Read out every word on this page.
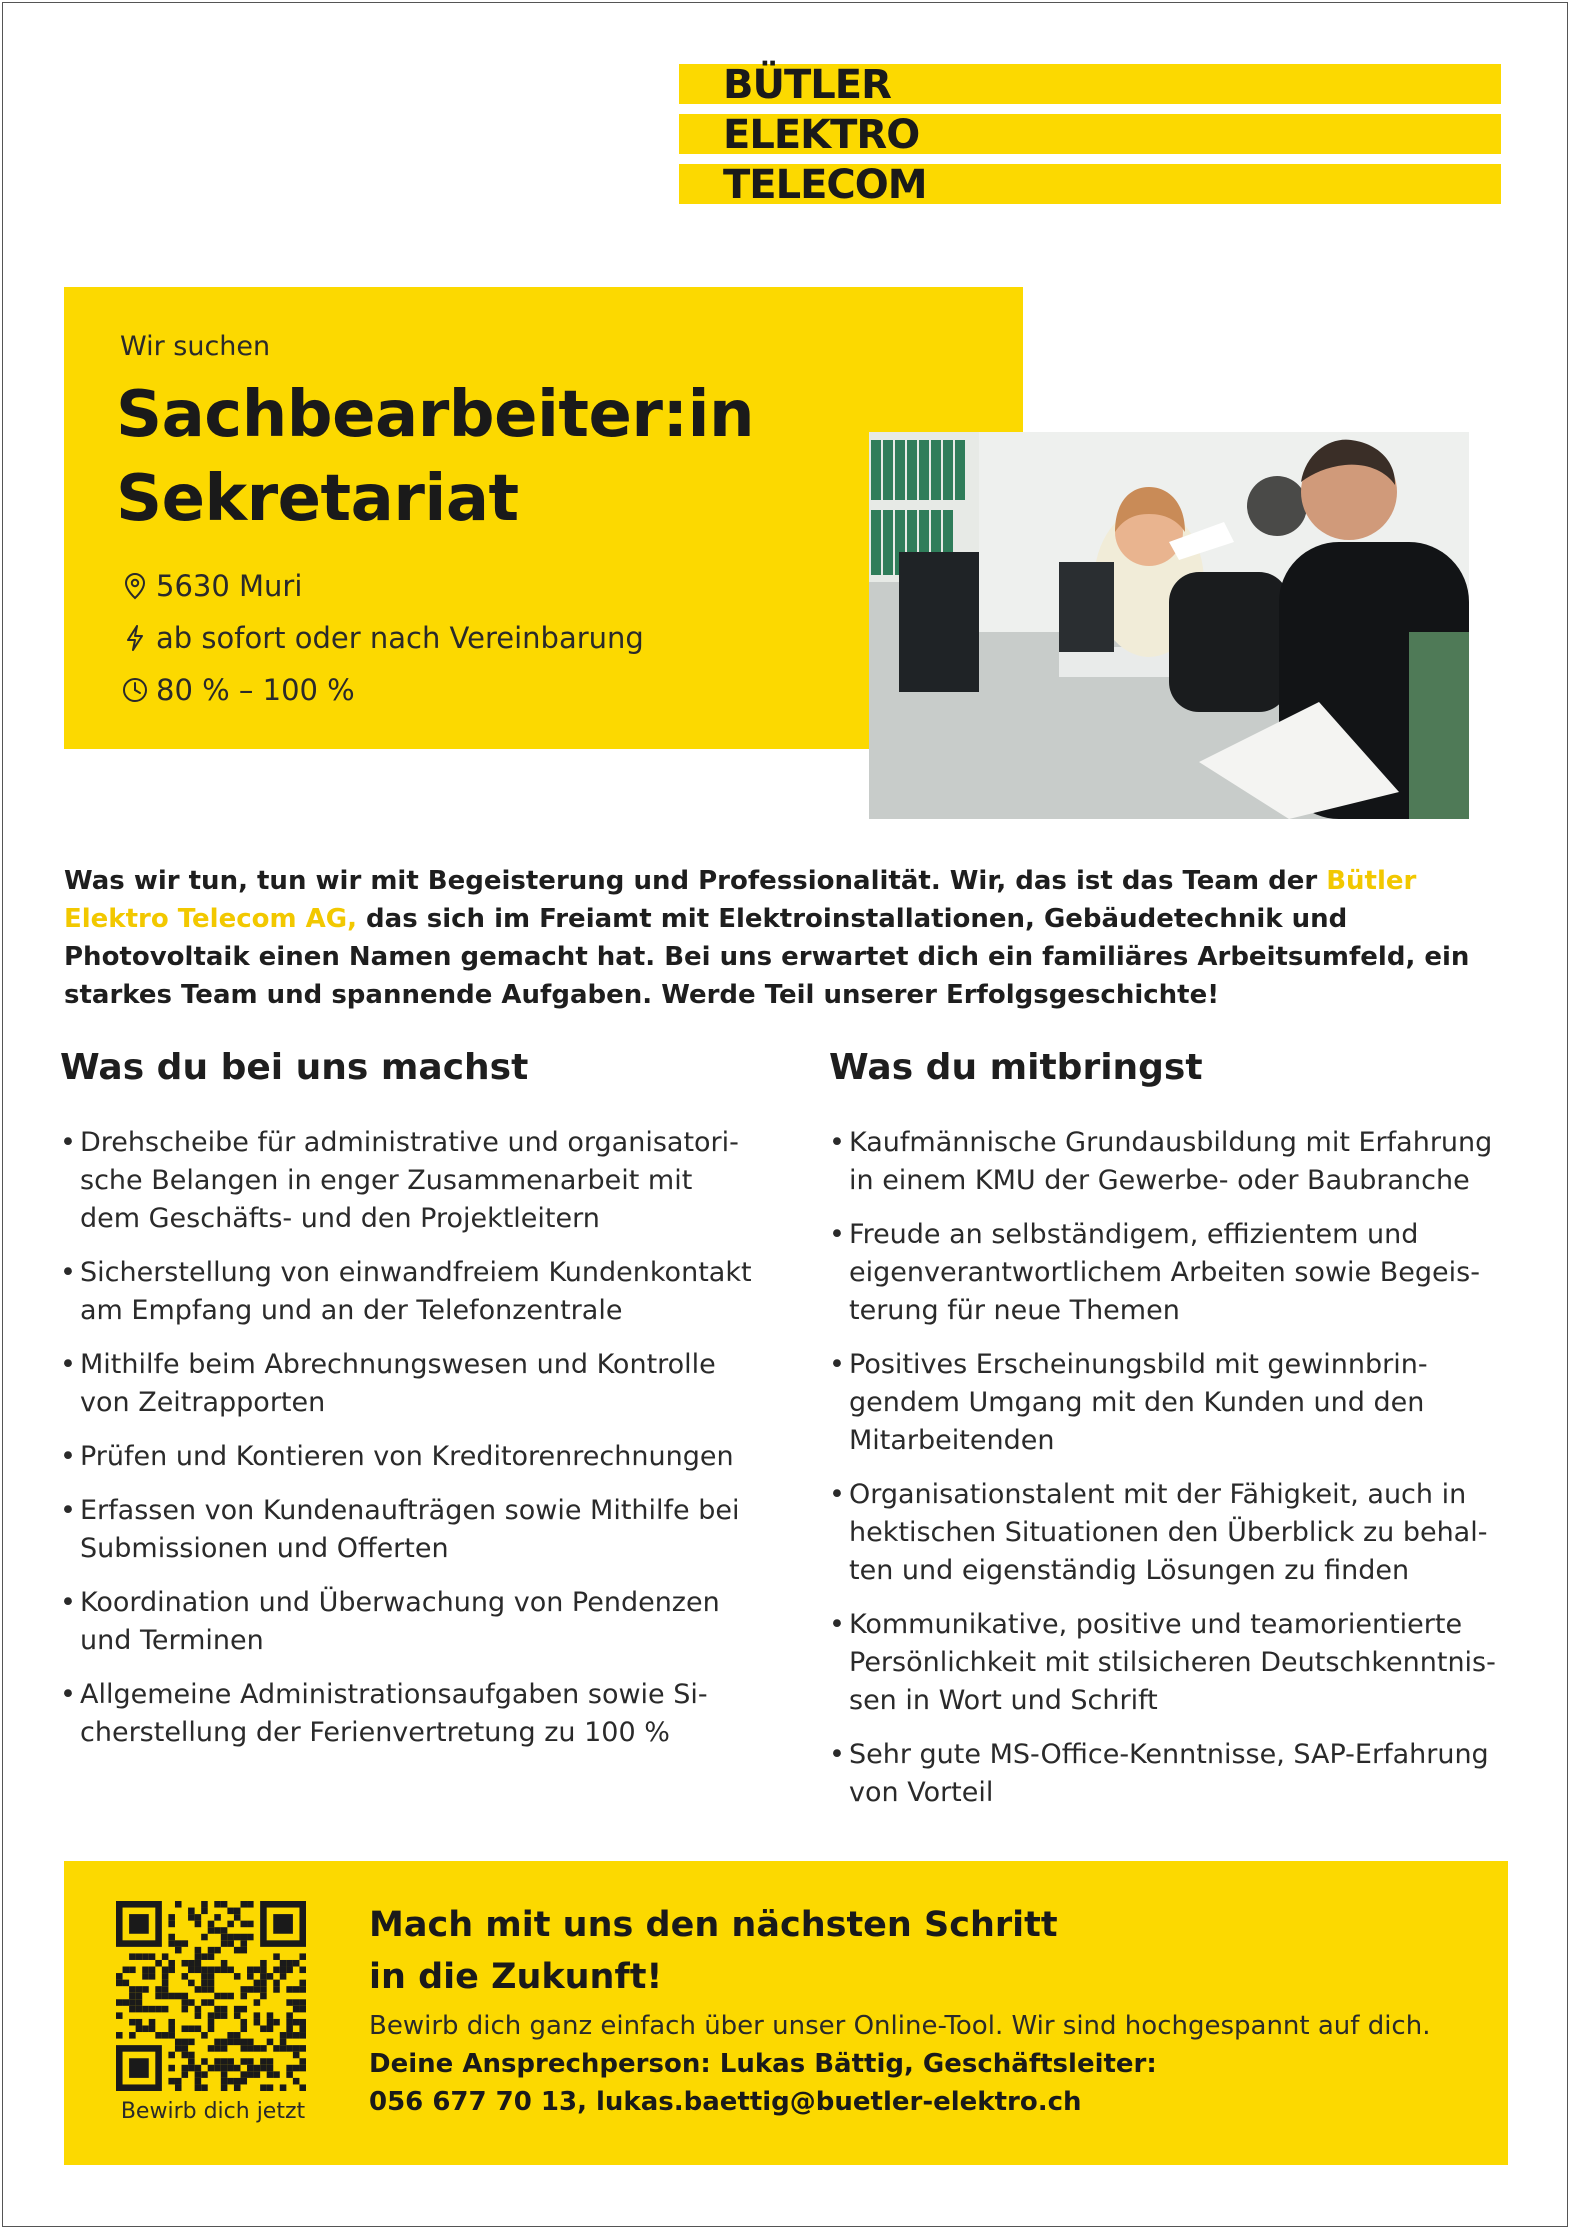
BÜTLER
ELEKTRO
TELECOM
Wir suchen
Sachbearbeiter:in
Sekretariat
5630 Muri
ab sofort oder nach Vereinbarung
80 % – 100 %

Was wir tun, tun wir mit Begeisterung und Professionalität. Wir, das ist das Team der Bütler Elektro Telecom AG, das sich im Freiamt mit Elektroinstallationen, Gebäudetechnik und Photovoltaik einen Namen gemacht hat. Bei uns erwartet dich ein familiäres Arbeitsumfeld, ein starkes Team und spannende Aufgaben. Werde Teil unserer Erfolgsgeschichte!

Was du bei uns machst
• Drehscheibe für administrative und organisatorische Belangen in enger Zusammenarbeit mit dem Geschäfts- und den Projektleitern
• Sicherstellung von einwandfreiem Kundenkontakt am Empfang und an der Telefonzentrale
• Mithilfe beim Abrechnungswesen und Kontrolle von Zeitrapporten
• Prüfen und Kontieren von Kreditorenrechnungen
• Erfassen von Kundenaufträgen sowie Mithilfe bei Submissionen und Offerten
• Koordination und Überwachung von Pendenzen und Terminen
• Allgemeine Administrationsaufgaben sowie Sicherstellung der Ferienvertretung zu 100 %
Was du mitbringst
• Kaufmännische Grundausbildung mit Erfahrung in einem KMU der Gewerbe- oder Baubranche
• Freude an selbständigem, effizientem und eigenverantwortlichem Arbeiten sowie Begeisterung für neue Themen
• Positives Erscheinungsbild mit gewinnbringendem Umgang mit den Kunden und den Mitarbeitenden
• Organisationstalent mit der Fähigkeit, auch in hektischen Situationen den Überblick zu behalten und eigenständig Lösungen zu finden
• Kommunikative, positive und teamorientierte Persönlichkeit mit stilsicheren Deutschkenntnissen in Wort und Schrift
• Sehr gute MS-Office-Kenntnisse, SAP-Erfahrung von Vorteil
Bewirb dich jetzt

Mach mit uns den nächsten Schritt
in die Zukunft!

Bewirb dich ganz einfach über unser Online-Tool. Wir sind hochgespannt auf dich.
Deine Ansprechperson: Lukas Bättig, Geschäftsleiter:
056 677 70 13, lukas.baettig@buetler-elektro.ch
